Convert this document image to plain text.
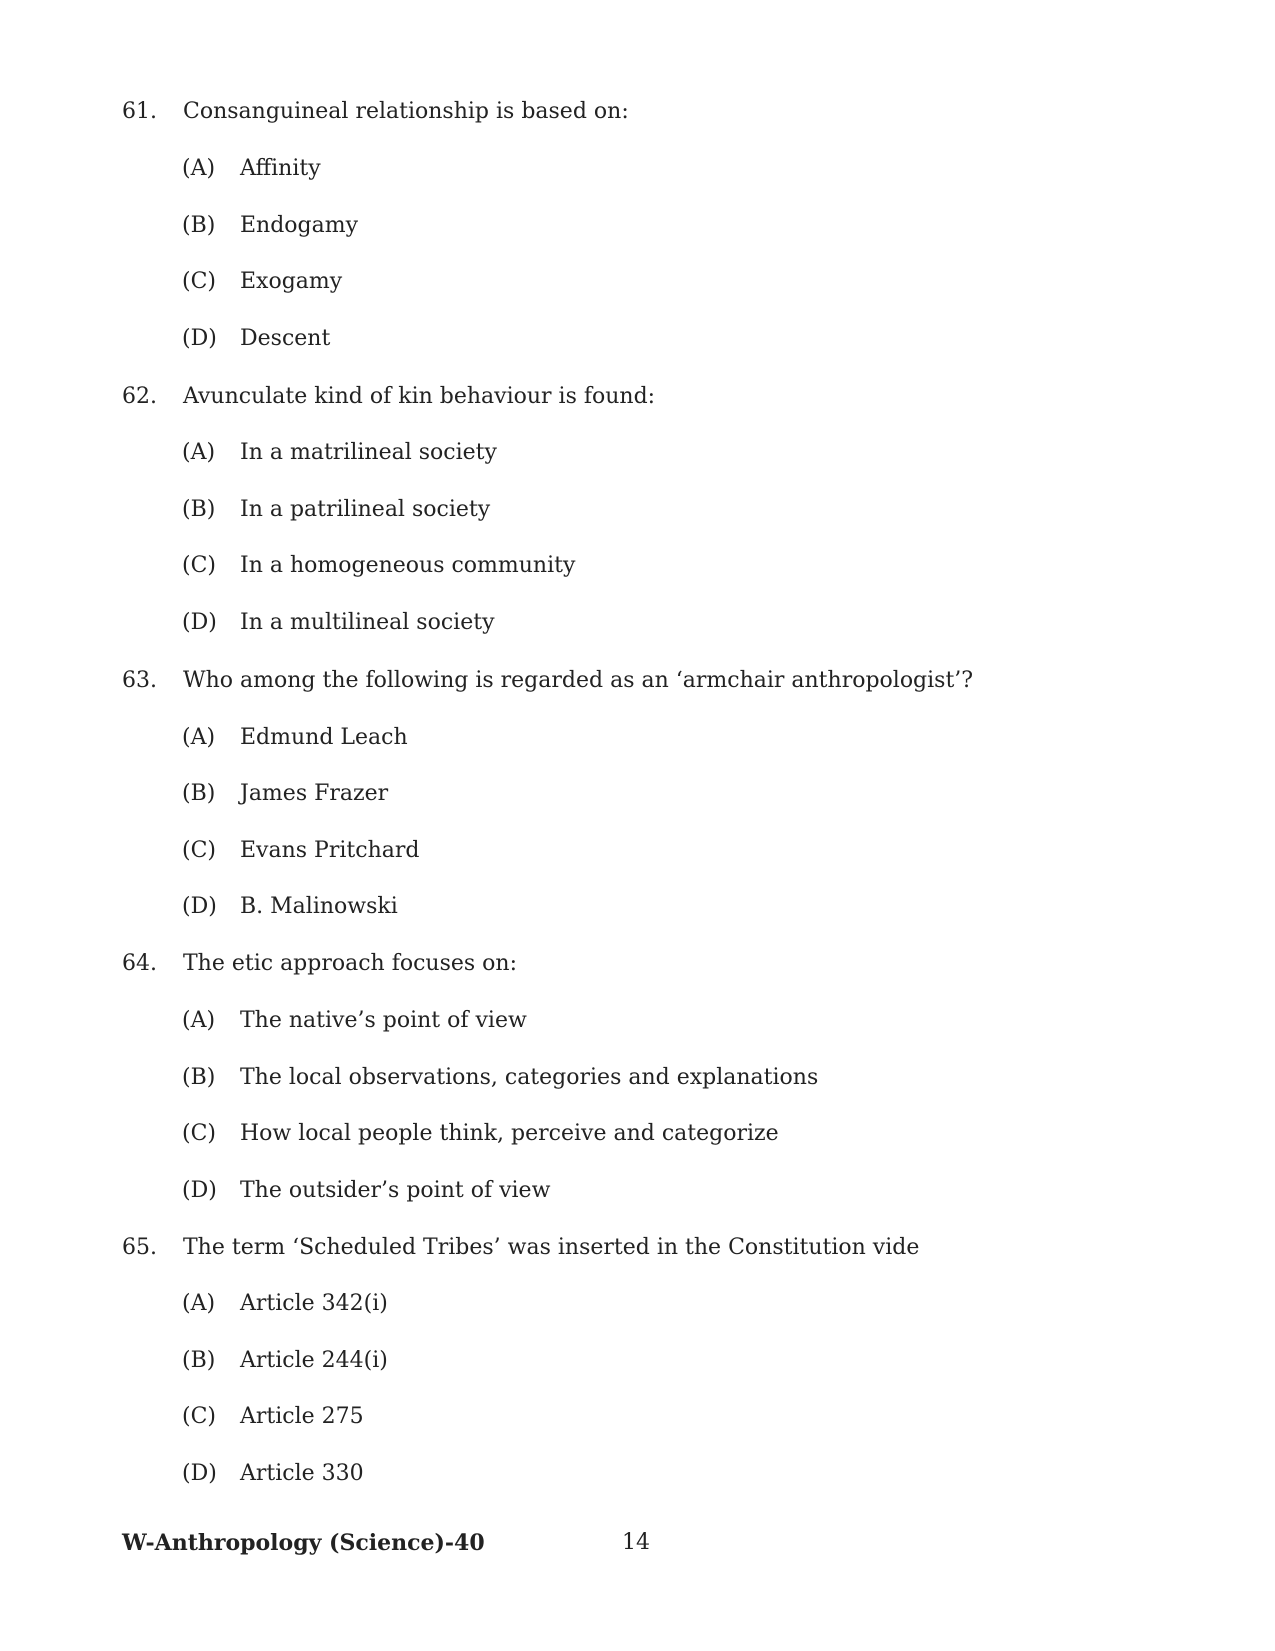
61. Consanguineal relationship is based on:
(A) Affinity
(B) Endogamy
(C) Exogamy
(D) Descent
62. Avunculate kind of kin behaviour is found:
(A) In a matrilineal society
(B) In a patrilineal society
(C) In a homogeneous community
(D) In a multilineal society
63. Who among the following is regarded as an ‘armchair anthropologist’?
(A) Edmund Leach
(B) James Frazer
(C) Evans Pritchard
(D) B. Malinowski
64. The etic approach focuses on:
(A) The native’s point of view
(B) The local observations, categories and explanations
(C) How local people think, perceive and categorize
(D) The outsider’s point of view
65. The term ‘Scheduled Tribes’ was inserted in the Constitution vide
(A) Article 342(i)
(B) Article 244(i)
(C) Article 275
(D) Article 330
W-Anthropology (Science)-40	14
